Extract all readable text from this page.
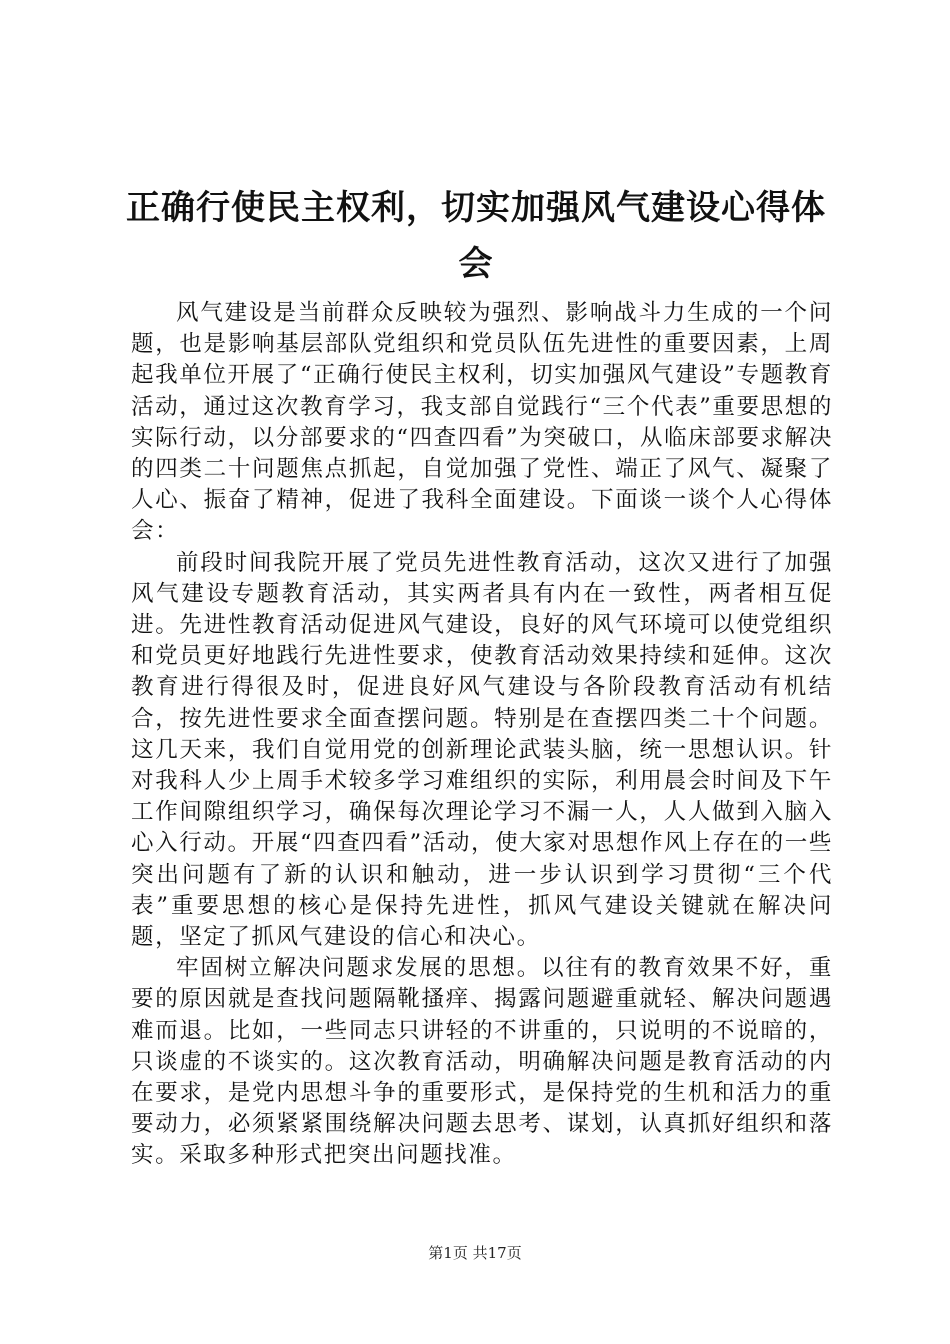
正确行使民主权利，切实加强风气建设心得体会

风气建设是当前群众反映较为强烈、影响战斗力生成的一个问题，也是影响基层部队党组织和党员队伍先进性的重要因素，上周起我单位开展了“正确行使民主权利，切实加强风气建设”专题教育活动，通过这次教育学习，我支部自觉践行“三个代表”重要思想的实际行动，以分部要求的“四查四看”为突破口，从临床部要求解决的四类二十问题焦点抓起，自觉加强了党性、端正了风气、凝聚了人心、振奋了精神，促进了我科全面建设。下面谈一谈个人心得体会：

前段时间我院开展了党员先进性教育活动，这次又进行了加强风气建设专题教育活动，其实两者具有内在一致性，两者相互促进。先进性教育活动促进风气建设，良好的风气环境可以使党组织和党员更好地践行先进性要求，使教育活动效果持续和延伸。这次教育进行得很及时，促进良好风气建设与各阶段教育活动有机结合，按先进性要求全面查摆问题。特别是在查摆四类二十个问题。这几天来，我们自觉用党的创新理论武装头脑，统一思想认识。针对我科人少上周手术较多学习难组织的实际，利用晨会时间及下午工作间隙组织学习，确保每次理论学习不漏一人，人人做到入脑入心入行动。开展“四查四看”活动，使大家对思想作风上存在的一些突出问题有了新的认识和触动，进一步认识到学习贯彻“三个代表”重要思想的核心是保持先进性，抓风气建设关键就在解决问题，坚定了抓风气建设的信心和决心。

牢固树立解决问题求发展的思想。以往有的教育效果不好，重要的原因就是查找问题隔靴搔痒、揭露问题避重就轻、解决问题遇难而退。比如，一些同志只讲轻的不讲重的，只说明的不说暗的，只谈虚的不谈实的。这次教育活动，明确解决问题是教育活动的内在要求，是党内思想斗争的重要形式，是保持党的生机和活力的重要动力，必须紧紧围绕解决问题去思考、谋划，认真抓好组织和落实。采取多种形式把突出问题找准。

第1页 共17页
